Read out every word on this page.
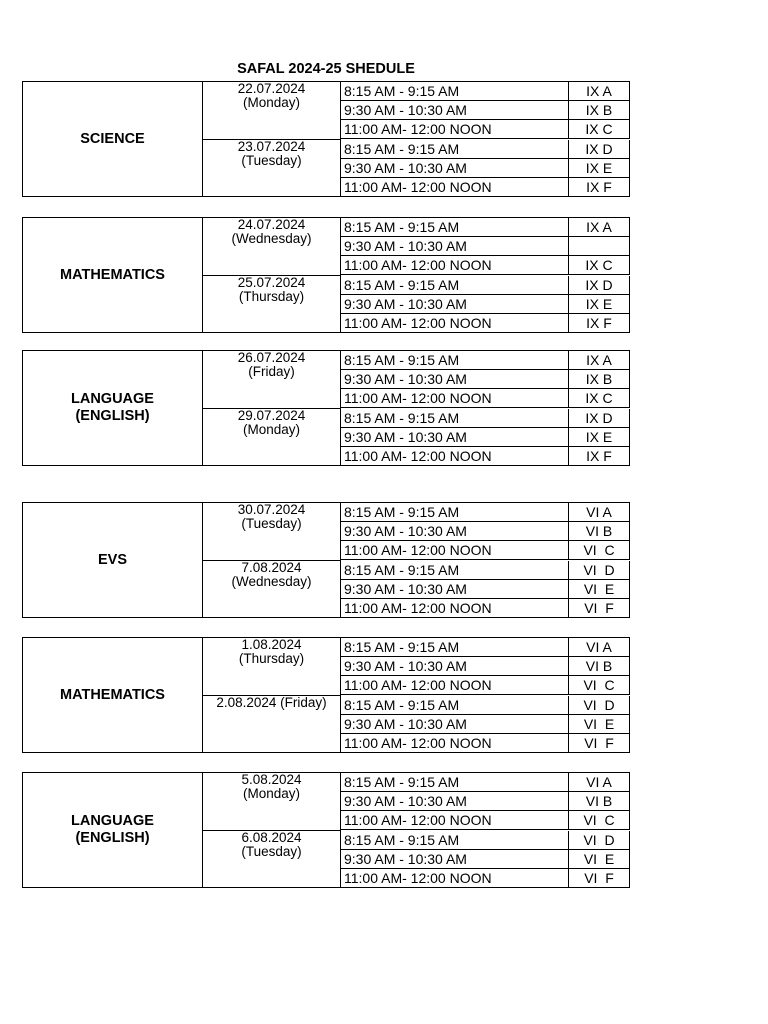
SAFAL 2024-25 SHEDULE
SCIENCE
22.07.2024
(Monday)
8:15 AM - 9:15 AM	IX A
9:30 AM - 10:30 AM	IX B
11:00 AM- 12:00 NOON	IX C
23.07.2024
(Tuesday)
8:15 AM - 9:15 AM	IX D
9:30 AM - 10:30 AM	IX E
11:00 AM- 12:00 NOON	IX F
MATHEMATICS
24.07.2024
(Wednesday)
8:15 AM - 9:15 AM	IX A
9:30 AM - 10:30 AM
11:00 AM- 12:00 NOON	IX C
25.07.2024
(Thursday)
8:15 AM - 9:15 AM	IX D
9:30 AM - 10:30 AM	IX E
11:00 AM- 12:00 NOON	IX F
LANGUAGE
(ENGLISH)
26.07.2024
(Friday)
8:15 AM - 9:15 AM	IX A
9:30 AM - 10:30 AM	IX B
11:00 AM- 12:00 NOON	IX C
29.07.2024
(Monday)
8:15 AM - 9:15 AM	IX D
9:30 AM - 10:30 AM	IX E
11:00 AM- 12:00 NOON	IX F
EVS
30.07.2024
(Tuesday)
8:15 AM - 9:15 AM	VI A
9:30 AM - 10:30 AM	VI B
11:00 AM- 12:00 NOON	VI  C
7.08.2024
(Wednesday)
8:15 AM - 9:15 AM	VI  D
9:30 AM - 10:30 AM	VI  E
11:00 AM- 12:00 NOON	VI  F
MATHEMATICS
1.08.2024
(Thursday)
8:15 AM - 9:15 AM	VI A
9:30 AM - 10:30 AM	VI B
11:00 AM- 12:00 NOON	VI  C
2.08.2024 (Friday)	8:15 AM - 9:15 AM	VI  D
9:30 AM - 10:30 AM	VI  E
11:00 AM- 12:00 NOON	VI  F
LANGUAGE
(ENGLISH)
5.08.2024
(Monday)
8:15 AM - 9:15 AM	VI A
9:30 AM - 10:30 AM	VI B
11:00 AM- 12:00 NOON	VI  C
6.08.2024
(Tuesday)
8:15 AM - 9:15 AM	VI  D
9:30 AM - 10:30 AM	VI  E
11:00 AM- 12:00 NOON	VI  F
